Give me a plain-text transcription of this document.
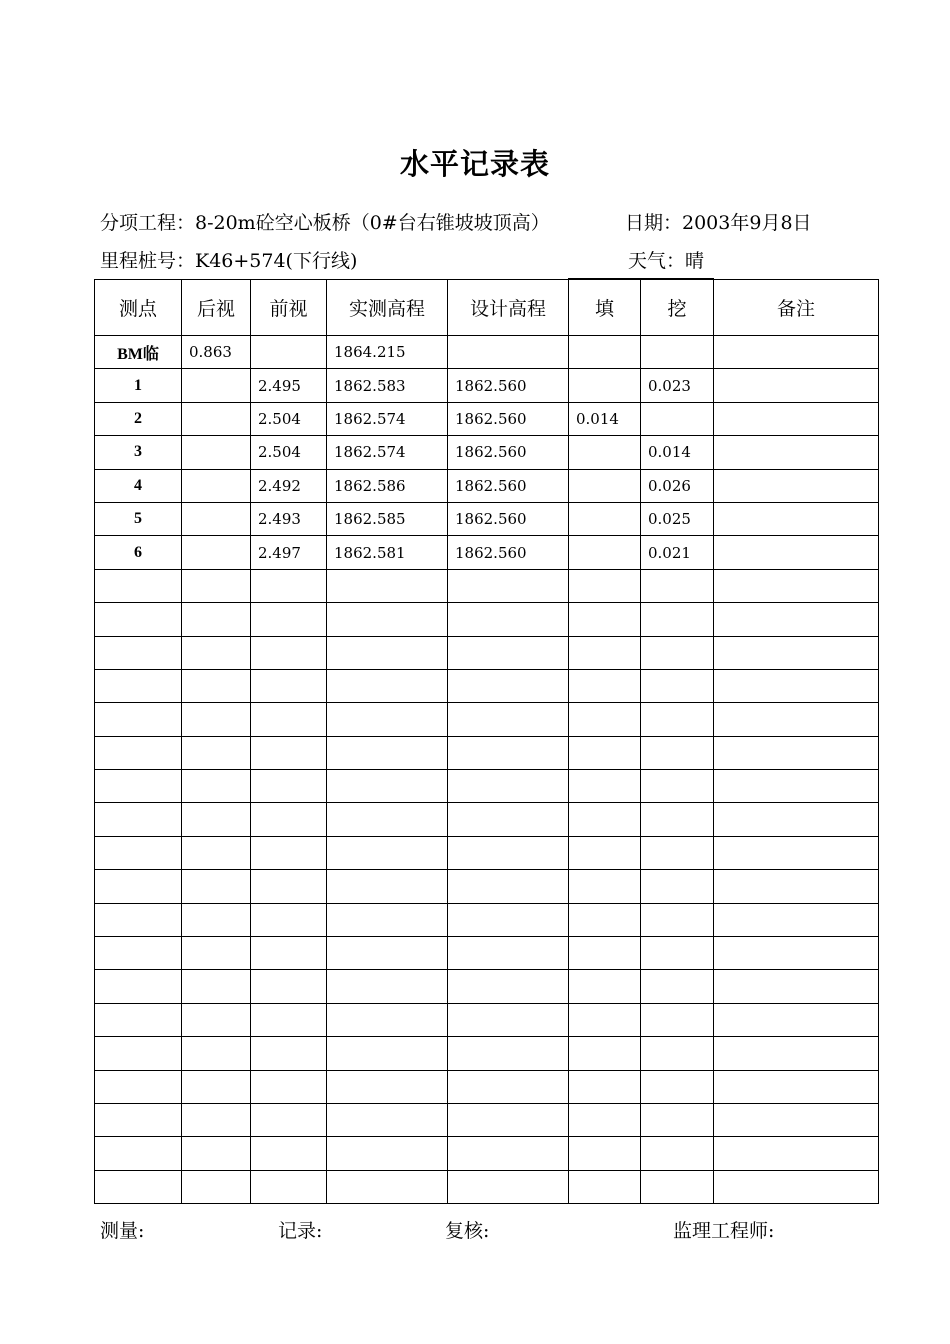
水平记录表
分项工程：8-20m砼空心板桥（0#台右锥坡坡顶高）	日期：2003年9月8日
里程桩号：K46+574(下行线)	天气：晴
测点	后视	前视	实测高程	设计高程	填	挖	备注
BM临	0.863		1864.215				
1		2.495	1862.583	1862.560		0.023	
2		2.504	1862.574	1862.560	0.014		
3		2.504	1862.574	1862.560		0.014	
4		2.492	1862.586	1862.560		0.026	
5		2.493	1862.585	1862.560		0.025	
6		2.497	1862.581	1862.560		0.021	

测量:	记录:	复核:	监理工程师:
